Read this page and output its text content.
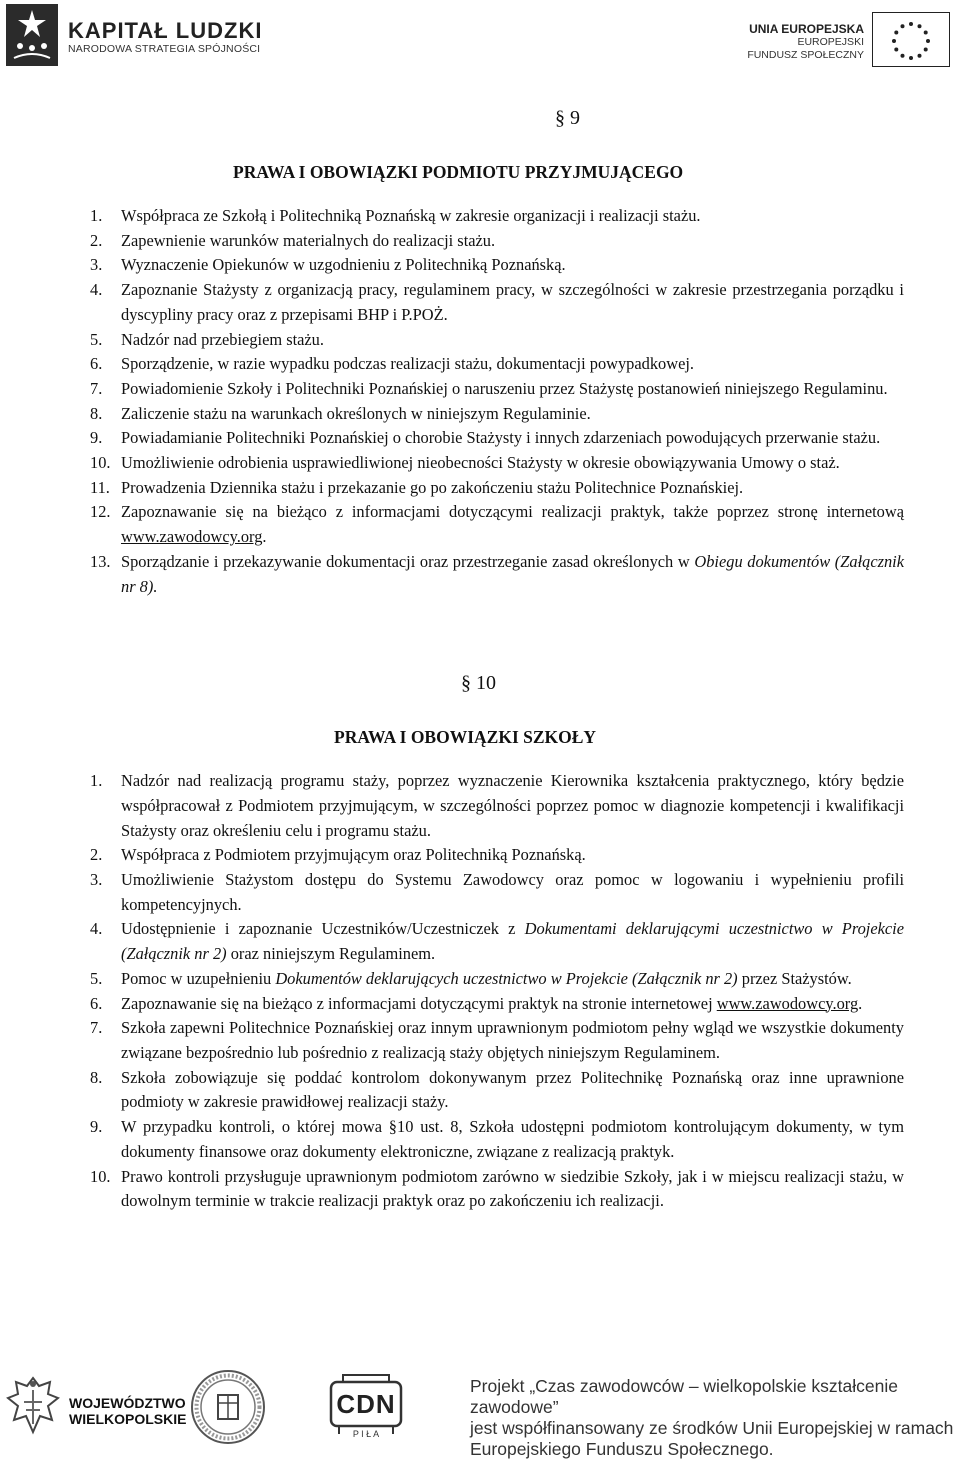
KAPITAŁ LUDZKI
NARODOWA STRATEGIA SPÓJNOŚCI
UNIA EUROPEJSKA
EUROPEJSKI
FUNDUSZ SPOŁECZNY
§ 9
PRAWA I OBOWIĄZKI PODMIOTU PRZYJMUJĄCEGO
1.	Współpraca ze Szkołą i Politechniką Poznańską w zakresie organizacji i realizacji stażu.
2.	Zapewnienie warunków materialnych do realizacji stażu.
3.	Wyznaczenie Opiekunów w uzgodnieniu z Politechniką Poznańską.
4.	Zapoznanie Stażysty z organizacją pracy, regulaminem pracy, w szczególności w zakresie przestrzegania porządku i dyscypliny pracy oraz z przepisami BHP i P.POŻ.
5.	Nadzór nad przebiegiem stażu.
6.	Sporządzenie, w razie wypadku podczas realizacji stażu, dokumentacji powypadkowej.
7.	Powiadomienie Szkoły i Politechniki Poznańskiej o naruszeniu przez Stażystę postanowień niniejszego Regulaminu.
8.	Zaliczenie stażu na warunkach określonych w niniejszym Regulaminie.
9.	Powiadamianie Politechniki Poznańskiej o chorobie Stażysty i innych zdarzeniach powodujących przerwanie stażu.
10. Umożliwienie odrobienia usprawiedliwionej nieobecności Stażysty w okresie obowiązywania Umowy o staż.
11. Prowadzenia Dziennika stażu i przekazanie go po zakończeniu stażu Politechnice Poznańskiej.
12. Zapoznawanie się na bieżąco z informacjami dotyczącymi realizacji praktyk, także poprzez stronę internetową www.zawodowcy.org.
13. Sporządzanie i przekazywanie dokumentacji oraz przestrzeganie zasad określonych w Obiegu dokumentów (Załącznik nr 8).
§ 10
PRAWA I OBOWIĄZKI SZKOŁY
1.	Nadzór nad realizacją programu staży, poprzez wyznaczenie Kierownika kształcenia praktycznego, który będzie współpracował z Podmiotem przyjmującym, w szczególności poprzez pomoc w diagnozie kompetencji i kwalifikacji Stażysty oraz określeniu celu i programu stażu.
2.	Współpraca z Podmiotem przyjmującym oraz Politechniką Poznańską.
3.	Umożliwienie Stażystom dostępu do Systemu Zawodowcy oraz pomoc w logowaniu i wypełnieniu profili kompetencyjnych.
4.	Udostępnienie i zapoznanie Uczestników/Uczestniczek z Dokumentami deklarującymi uczestnictwo w Projekcie (Załącznik nr 2) oraz niniejszym Regulaminem.
5.	Pomoc w uzupełnieniu Dokumentów deklarujących uczestnictwo w Projekcie (Załącznik nr 2) przez Stażystów.
6.	Zapoznawanie się na bieżąco z informacjami dotyczącymi praktyk na stronie internetowej www.zawodowcy.org.
7.	Szkoła zapewni Politechnice Poznańskiej oraz innym uprawnionym podmiotom pełny wgląd we wszystkie dokumenty związane bezpośrednio lub pośrednio z realizacją staży objętych niniejszym Regulaminem.
8.	Szkoła zobowiązuje się poddać kontrolom dokonywanym przez Politechnikę Poznańską oraz inne uprawnione podmioty w zakresie prawidłowej realizacji staży.
9.	W przypadku kontroli, o której mowa §10 ust. 8, Szkoła udostępni podmiotom kontrolującym dokumenty, w tym dokumenty finansowe oraz dokumenty elektroniczne, związane z realizacją praktyk.
10. Prawo kontroli przysługuje uprawnionym podmiotom zarówno w siedzibie Szkoły, jak i w miejscu realizacji stażu, w dowolnym terminie w trakcie realizacji praktyk oraz po zakończeniu ich realizacji.
WOJEWÓDZTWO
WIELKOPOLSKIE	CDN
P I Ł A
Projekt „Czas zawodowców – wielkopolskie kształcenie zawodowe”
jest współfinansowany ze środków Unii Europejskiej w ramach
Europejskiego Funduszu Społecznego.
